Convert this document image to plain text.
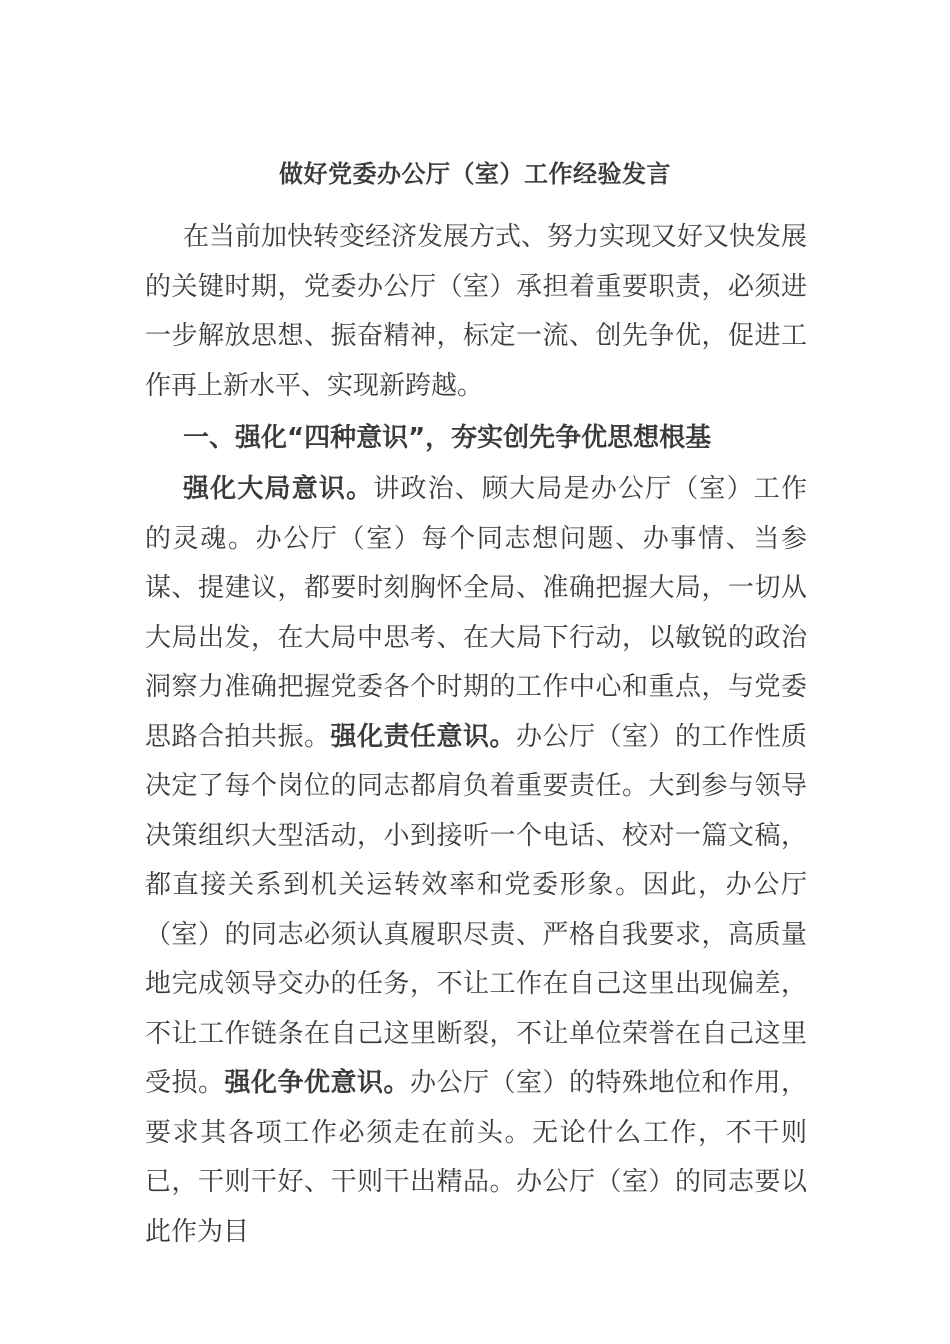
做好党委办公厅（室）工作经验发言
在当前加快转变经济发展方式、努力实现又好又快发展的关键时期，党委办公厅（室）承担着重要职责，必须进一步解放思想、振奋精神，标定一流、创先争优，促进工作再上新水平、实现新跨越。
一、强化“四种意识”，夯实创先争优思想根基
强化大局意识。讲政治、顾大局是办公厅（室）工作的灵魂。办公厅（室）每个同志想问题、办事情、当参谋、提建议，都要时刻胸怀全局、准确把握大局，一切从大局出发，在大局中思考、在大局下行动，以敏锐的政治洞察力准确把握党委各个时期的工作中心和重点，与党委思路合拍共振。强化责任意识。办公厅（室）的工作性质决定了每个岗位的同志都肩负着重要责任。大到参与领导决策组织大型活动，小到接听一个电话、校对一篇文稿，都直接关系到机关运转效率和党委形象。因此，办公厅（室）的同志必须认真履职尽责、严格自我要求，高质量地完成领导交办的任务，不让工作在自己这里出现偏差，不让工作链条在自己这里断裂，不让单位荣誉在自己这里受损。强化争优意识。办公厅（室）的特殊地位和作用，要求其各项工作必须走在前头。无论什么工作，不干则已，干则干好、干则干出精品。办公厅（室）的同志要以此作为目
